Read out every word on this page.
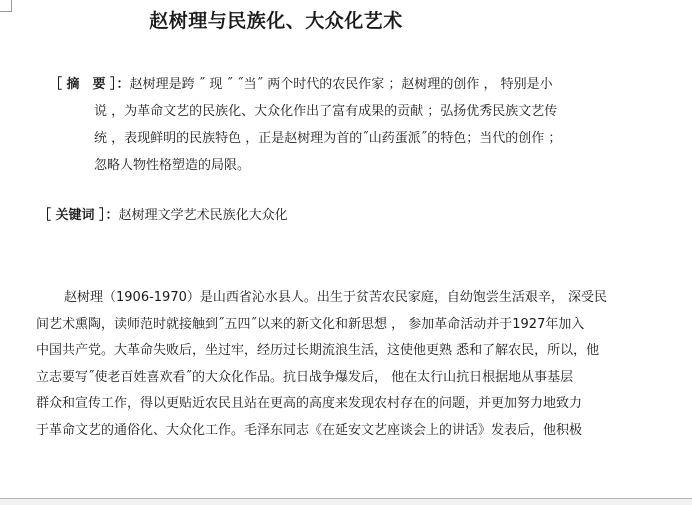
赵树理与民族化、大众化艺术
［ 摘　要 ］：赵树理是跨 ˝ 现 ˝ ˝当˝ 两个时代的农民作家 ；赵树理的创作 ， 特别是小
说 ，为革命文艺的民族化、大众化作出了富有成果的贡献 ；弘扬优秀民族文艺传
统 ，表现鲜明的民族特色 ，正是赵树理为首的˝山药蛋派˝的特色；当代的创作 ；
忽略人物性格塑造的局限。
［ 关键词 ］：赵树理文学艺术民族化大众化
赵树理（1906-1970）是山西省沁水县人。出生于贫苦农民家庭，自幼饱尝生活艰辛， 深受民
间艺术熏陶，读师范时就接触到˝五四˝以来的新文化和新思想 ， 参加革命活动并于1927年加入
中国共产党。大革命失败后，坐过牢，经历过长期流浪生活，这使他更熟 悉和了解农民，所以，他
立志要写˝使老百姓喜欢看˝的大众化作品。抗日战争爆发后， 他在太行山抗日根据地从事基层
群众和宣传工作，得以更贴近农民且站在更高的高度来发现农村存在的问题，并更加努力地致力
于革命文艺的通俗化、大众化工作。毛泽东同志《在延安文艺座谈会上的讲话》发表后，他积极
